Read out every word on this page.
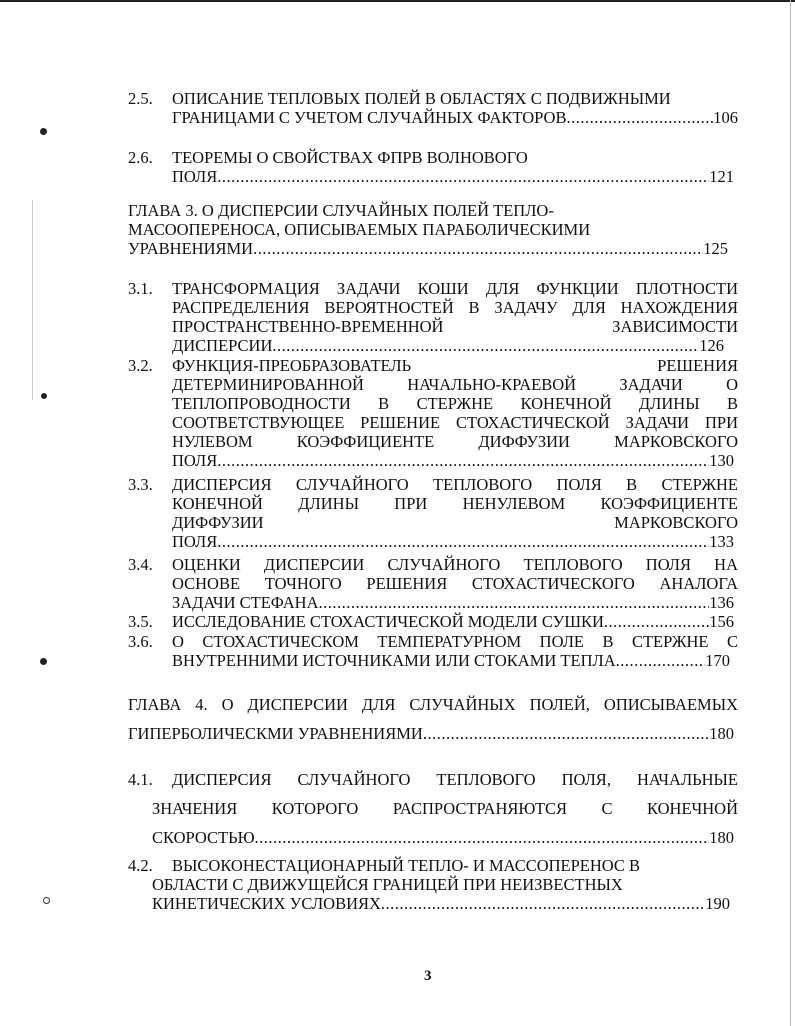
2.5. ОПИСАНИЕ ТЕПЛОВЫХ ПОЛЕЙ В ОБЛАСТЯХ С ПОДВИЖНЫМИ
ГРАНИЦАМИ С УЧЕТОМ СЛУЧАЙНЫХ ФАКТОРОВ .....	106
2.6. ТЕОРЕМЫ О СВОЙСТВАХ ФПРВ ВОЛНОВОГО
ПОЛЯ .....	121
ГЛАВА 3. О ДИСПЕРСИИ СЛУЧАЙНЫХ ПОЛЕЙ ТЕПЛО-
МАСООПЕРЕНОСА, ОПИСЫВАЕМЫХ ПАРАБОЛИЧЕСКИМИ
УРАВНЕНИЯМИ .....	125
3.1. ТРАНСФОРМАЦИЯ ЗАДАЧИ КОШИ ДЛЯ ФУНКЦИИ ПЛОТНОСТИ
РАСПРЕДЕЛЕНИЯ ВЕРОЯТНОСТЕЙ В ЗАДАЧУ ДЛЯ НАХОЖДЕНИЯ
ПРОСТРАНСТВЕННО-ВРЕМЕННОЙ ЗАВИСИМОСТИ
ДИСПЕРСИИ .....	126
3.2. ФУНКЦИЯ-ПРЕОБРАЗОВАТЕЛЬ РЕШЕНИЯ
ДЕТЕРМИНИРОВАННОЙ НАЧАЛЬНО-КРАЕВОЙ ЗАДАЧИ О
ТЕПЛОПРОВОДНОСТИ В СТЕРЖНЕ КОНЕЧНОЙ ДЛИНЫ В
СООТВЕТСТВУЮЩЕЕ РЕШЕНИЕ СТОХАСТИЧЕСКОЙ ЗАДАЧИ ПРИ
НУЛЕВОМ КОЭФФИЦИЕНТЕ ДИФФУЗИИ МАРКОВСКОГО
ПОЛЯ .....	130
3.3. ДИСПЕРСИЯ СЛУЧАЙНОГО ТЕПЛОВОГО ПОЛЯ В СТЕРЖНЕ
КОНЕЧНОЙ ДЛИНЫ ПРИ НЕНУЛЕВОМ КОЭФФИЦИЕНТЕ
ДИФФУЗИИ МАРКОВСКОГО
ПОЛЯ .....	133
3.4. ОЦЕНКИ ДИСПЕРСИИ СЛУЧАЙНОГО ТЕПЛОВОГО ПОЛЯ НА
ОСНОВЕ ТОЧНОГО РЕШЕНИЯ СТОХАСТИЧЕСКОГО АНАЛОГА
ЗАДАЧИ СТЕФАНА .....	136
3.5. ИССЛЕДОВАНИЕ СТОХАСТИЧЕСКОЙ МОДЕЛИ СУШКИ .....	156
3.6. О СТОХАСТИЧЕСКОМ ТЕМПЕРАТУРНОМ ПОЛЕ В СТЕРЖНЕ С
ВНУТРЕННИМИ ИСТОЧНИКАМИ ИЛИ СТОКАМИ ТЕПЛА .....	170
ГЛАВА 4. О ДИСПЕРСИИ ДЛЯ СЛУЧАЙНЫХ ПОЛЕЙ, ОПИСЫВАЕМЫХ
ГИПЕРБОЛИЧЕСКМИ УРАВНЕНИЯМИ .....	180
4.1. ДИСПЕРСИЯ СЛУЧАЙНОГО ТЕПЛОВОГО ПОЛЯ, НАЧАЛЬНЫЕ
ЗНАЧЕНИЯ КОТОРОГО РАСПРОСТРАНЯЮТСЯ С КОНЕЧНОЙ
СКОРОСТЬЮ .....	180
4.2. ВЫСОКОНЕСТАЦИОНАРНЫЙ ТЕПЛО- И МАССОПЕРЕНОС В
ОБЛАСТИ С ДВИЖУЩЕЙСЯ ГРАНИЦЕЙ ПРИ НЕИЗВЕСТНЫХ
КИНЕТИЧЕСКИХ УСЛОВИЯХ .....	190
3
